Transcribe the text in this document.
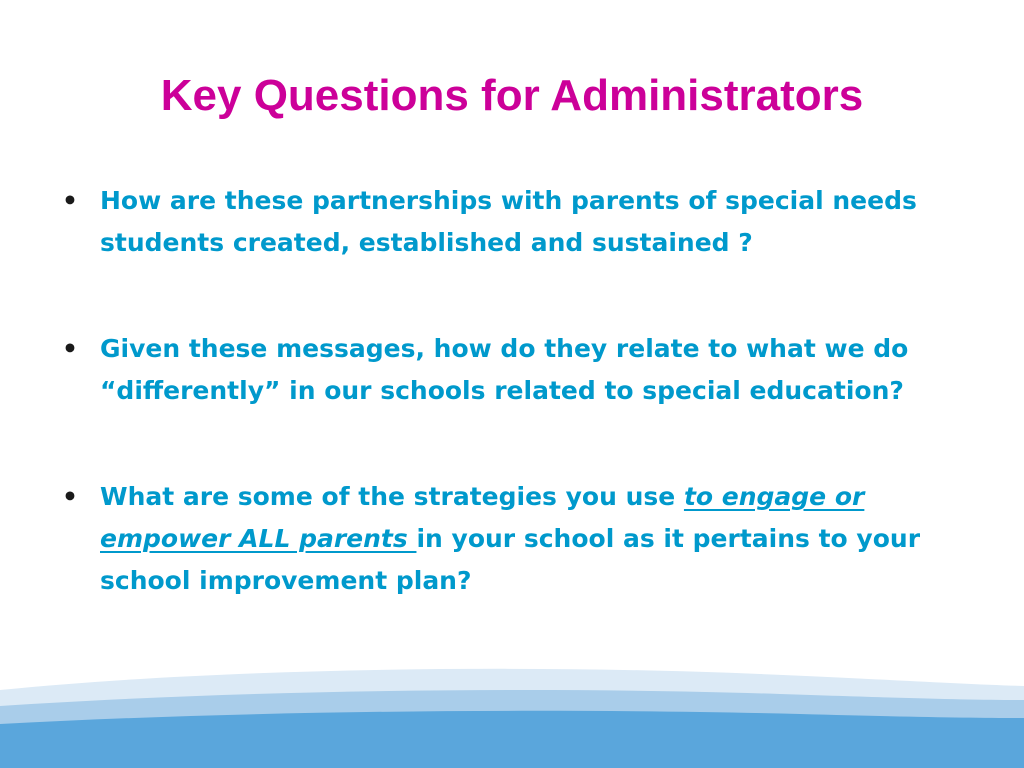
Key Questions for Administrators
• How are these partnerships with parents of special needs students created, established and sustained ?
• Given these messages, how do they relate to what we do “differently” in our schools related to special education?
• What are some of the strategies you use to engage or empower ALL parents in your school as it pertains to your school improvement plan?
